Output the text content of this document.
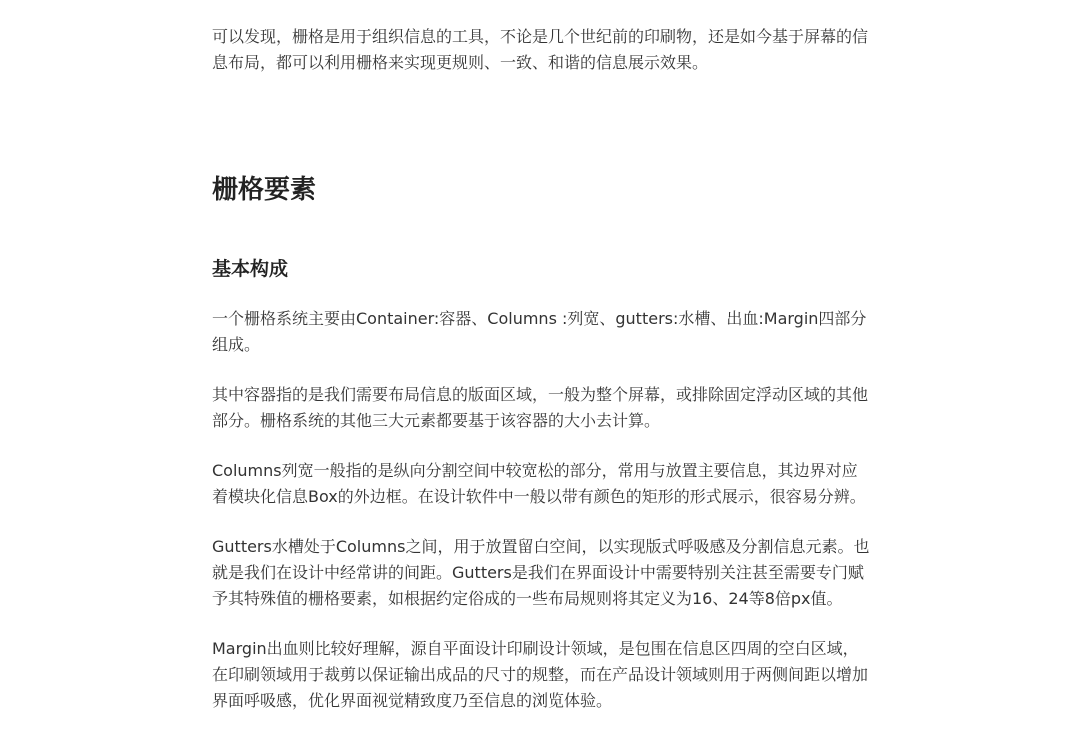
可以发现，栅格是用于组织信息的工具，不论是几个世纪前的印刷物，还是如今基于屏幕的信息布局，都可以利用栅格来实现更规则、一致、和谐的信息展示效果。

栅格要素
基本构成

一个栅格系统主要由Container:容器、Columns :列宽、gutters:水槽、出血:Margin四部分组成。

其中容器指的是我们需要布局信息的版面区域，一般为整个屏幕，或排除固定浮动区域的其他部分。栅格系统的其他三大元素都要基于该容器的大小去计算。

Columns列宽一般指的是纵向分割空间中较宽松的部分，常用与放置主要信息，其边界对应着模块化信息Box的外边框。在设计软件中一般以带有颜色的矩形的形式展示，很容易分辨。

Gutters水槽处于Columns之间，用于放置留白空间，以实现版式呼吸感及分割信息元素。也就是我们在设计中经常讲的间距。Gutters是我们在界面设计中需要特别关注甚至需要专门赋予其特殊值的栅格要素，如根据约定俗成的一些布局规则将其定义为16、24等8倍px值。

Margin出血则比较好理解，源自平面设计印刷设计领域，是包围在信息区四周的空白区域，在印刷领域用于裁剪以保证输出成品的尺寸的规整，而在产品设计领域则用于两侧间距以增加界面呼吸感，优化界面视觉精致度乃至信息的浏览体验。
